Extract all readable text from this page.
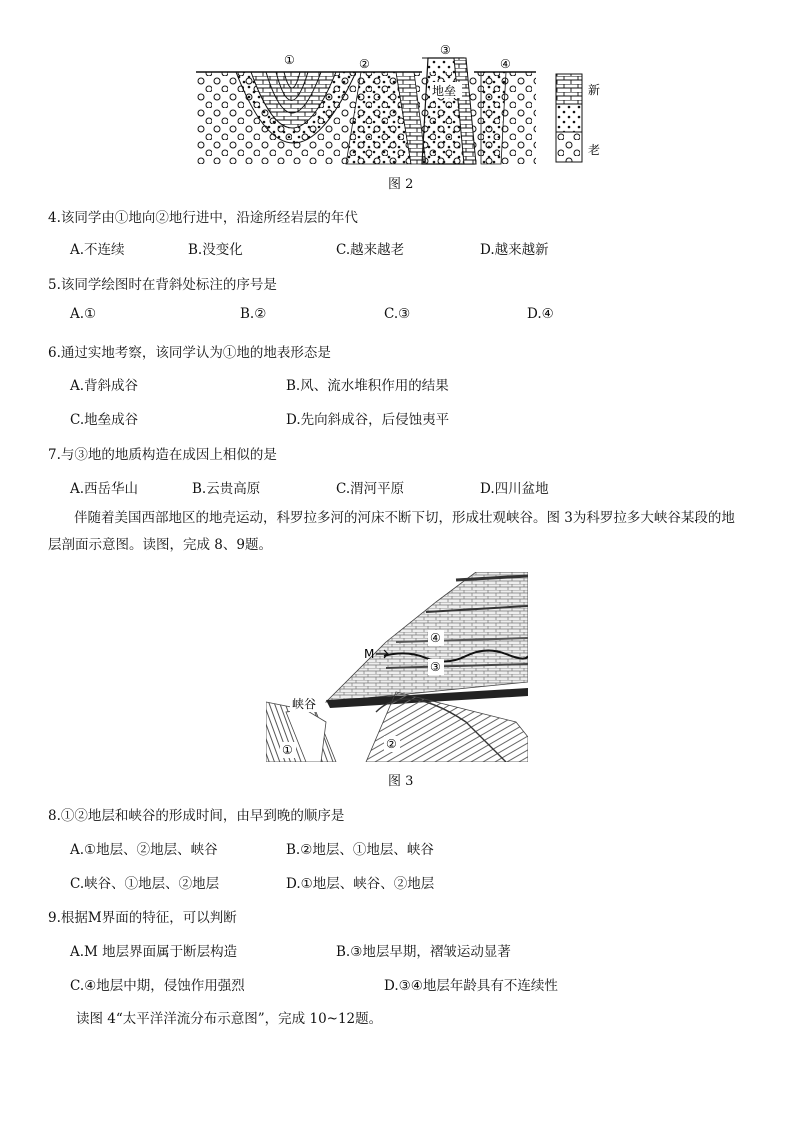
①	②
③
④
地垒	新
老
图 2
4.该同学由①地向②地行进中，沿途所经岩层的年代
A.不连续	B.没变化	C.越来越老	D.越来越新
5.该同学绘图时在背斜处标注的序号是
A.①	B.②	C.③	D.④
6.通过实地考察，该同学认为①地的地表形态是
A.背斜成谷	B.风、流水堆积作用的结果
C.地垒成谷	D.先向斜成谷，后侵蚀夷平
7.与③地的地质构造在成因上相似的是
A.西岳华山	B.云贵高原	C.渭河平原	D.四川盆地
伴随着美国西部地区的地壳运动，科罗拉多河的河床不断下切，形成壮观峡谷。图 3为科罗拉多大峡谷某段的地层剖面示意图。读图，完成 8、9题。
④
③
M
峡谷
①	②
图 3
8.①②地层和峡谷的形成时间，由早到晚的顺序是
A.①地层、②地层、峡谷	B.②地层、①地层、峡谷
C.峡谷、①地层、②地层	D.①地层、峡谷、②地层
9.根据M界面的特征，可以判断
A.M 地层界面属于断层构造	B.③地层早期，褶皱运动显著
C.④地层中期，侵蚀作用强烈	D.③④地层年龄具有不连续性
读图 4“太平洋洋流分布示意图”，完成 10~12题。
